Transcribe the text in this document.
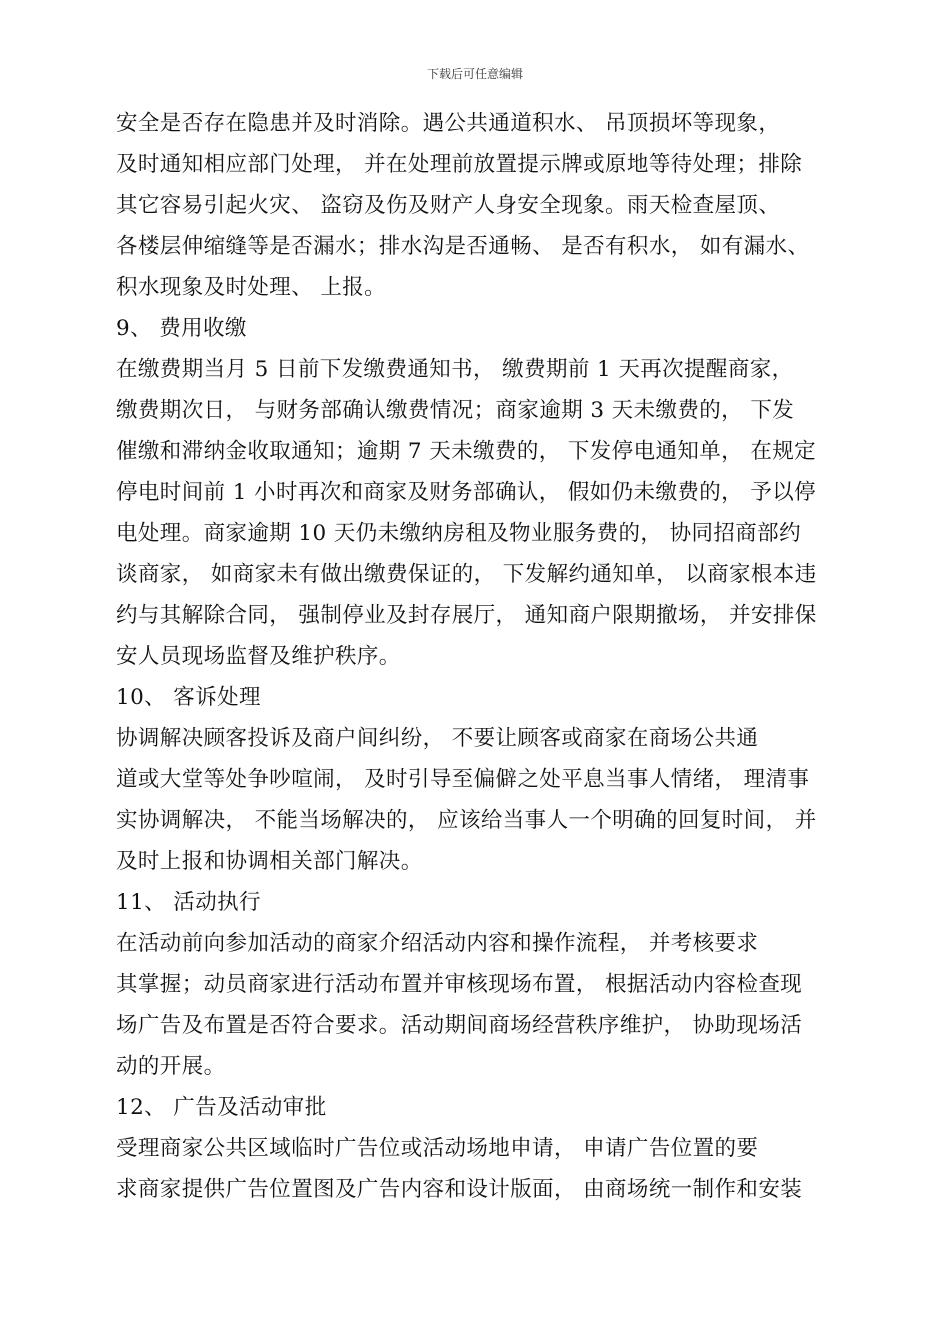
下载后可任意编辑
安全是否存在隐患并及时消除。遇公共通道积水、 吊顶损坏等现象，
及时通知相应部门处理， 并在处理前放置提示牌或原地等待处理；排除
其它容易引起火灾、 盗窃及伤及财产人身安全现象。雨天检查屋顶、
各楼层伸缩缝等是否漏水；排水沟是否通畅、 是否有积水， 如有漏水、
积水现象及时处理、 上报。
9、 费用收缴
在缴费期当月 5 日前下发缴费通知书， 缴费期前 1 天再次提醒商家，
缴费期次日， 与财务部确认缴费情况；商家逾期 3 天未缴费的， 下发
催缴和滞纳金收取通知；逾期 7 天未缴费的， 下发停电通知单， 在规定
停电时间前 1 小时再次和商家及财务部确认， 假如仍未缴费的， 予以停
电处理。商家逾期 10 天仍未缴纳房租及物业服务费的， 协同招商部约
谈商家， 如商家未有做出缴费保证的， 下发解约通知单， 以商家根本违
约与其解除合同， 强制停业及封存展厅， 通知商户限期撤场， 并安排保
安人员现场监督及维护秩序。
10、 客诉处理
协调解决顾客投诉及商户间纠纷， 不要让顾客或商家在商场公共通
道或大堂等处争吵喧闹， 及时引导至偏僻之处平息当事人情绪， 理清事
实协调解决， 不能当场解决的， 应该给当事人一个明确的回复时间， 并
及时上报和协调相关部门解决。
11、 活动执行
在活动前向参加活动的商家介绍活动内容和操作流程， 并考核要求
其掌握；动员商家进行活动布置并审核现场布置， 根据活动内容检查现
场广告及布置是否符合要求。活动期间商场经营秩序维护， 协助现场活
动的开展。
12、 广告及活动审批
受理商家公共区域临时广告位或活动场地申请， 申请广告位置的要
求商家提供广告位置图及广告内容和设计版面， 由商场统一制作和安装
